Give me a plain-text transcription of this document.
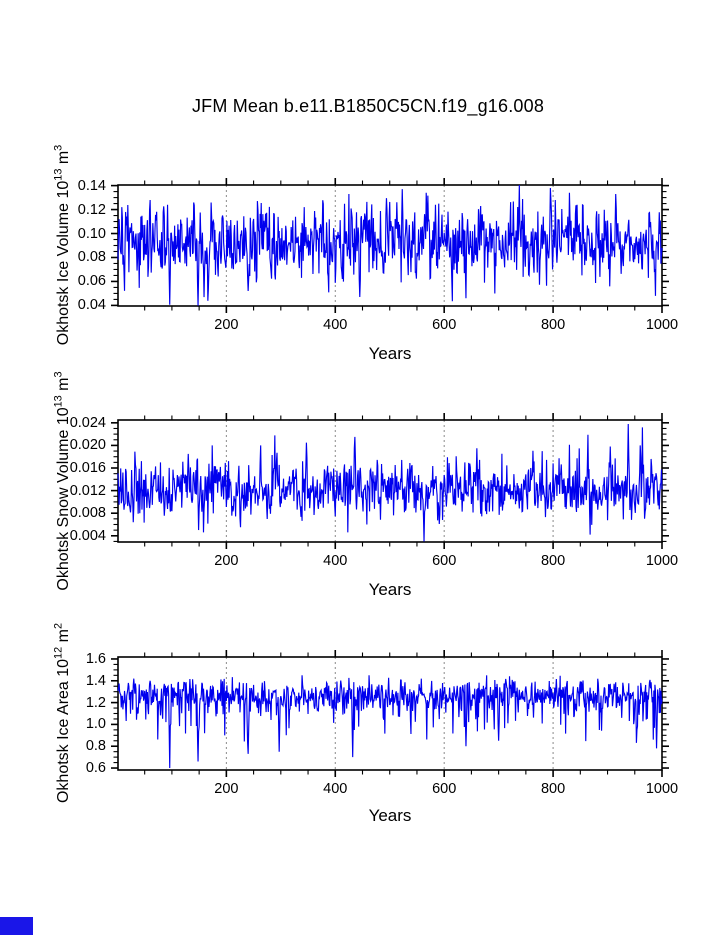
JFM Mean b.e11.B1850C5CN.f19_g16.008
200	400	600	800	1000
0.04
0.06
0.08
0.10
0.12
0.14
200	400	600	800	1000
0.004
0.008
0.012
0.016
0.020
0.024
200	400	600	800	1000
0.6
0.8
1.0
1.2
1.4
1.6
Okhotsk Ice Volume $10^{13}$ $m^3$
Okhotsk Snow Volume $10^{13}$ $m^3$
Okhotsk Ice Area $10^{12}$ $m^2$
Years
Years
Years
